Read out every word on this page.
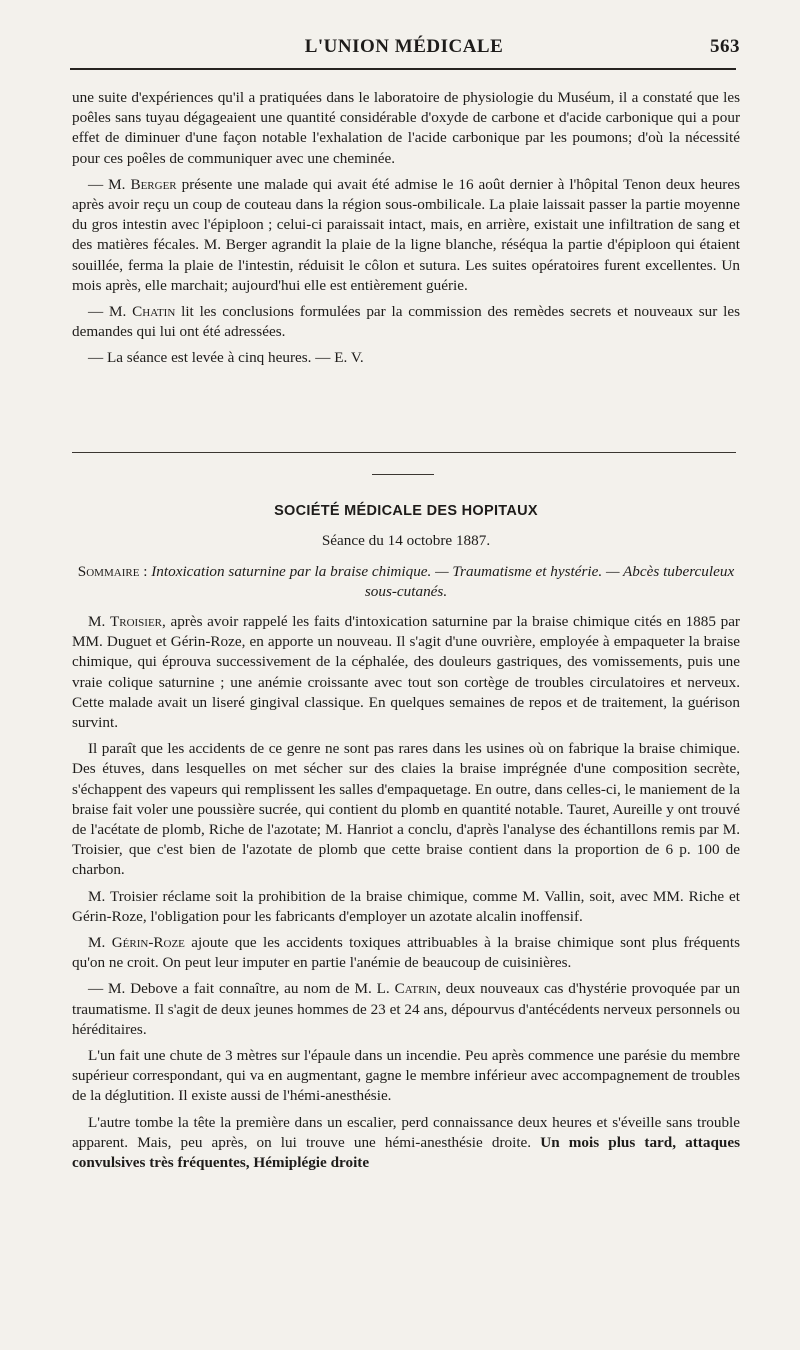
L'UNION MÉDICALE	563

une suite d'expériences qu'il a pratiquées dans le laboratoire de physiologie du Muséum, il a constaté que les poêles sans tuyau dégageaient une quantité considérable d'oxyde de carbone et d'acide carbonique qui a pour effet de diminuer d'une façon notable l'exhalation de l'acide carbonique par les poumons; d'où la nécessité pour ces poêles de communiquer avec une cheminée.

— M. Berger présente une malade qui avait été admise le 16 août dernier à l'hôpital Tenon deux heures après avoir reçu un coup de couteau dans la région sous-ombilicale. La plaie laissait passer la partie moyenne du gros intestin avec l'épiploon ; celui-ci paraissait intact, mais, en arrière, existait une infiltration de sang et des matières fécales. M. Berger agrandit la plaie de la ligne blanche, réséqua la partie d'épiploon qui étaient souillée, ferma la plaie de l'intestin, réduisit le côlon et sutura. Les suites opératoires furent excellentes. Un mois après, elle marchait; aujourd'hui elle est entièrement guérie.

— M. Chatin lit les conclusions formulées par la commission des remèdes secrets et nouveaux sur les demandes qui lui ont été adressées.

— La séance est levée à cinq heures. — E. V.

SOCIÉTÉ MÉDICALE DES HOPITAUX
Séance du 14 octobre 1887.
Sommaire : Intoxication saturnine par la braise chimique. — Traumatisme et hystérie. — Abcès tuberculeux sous-cutanés.

M. Troisier, après avoir rappelé les faits d'intoxication saturnine par la braise chimique cités en 1885 par MM. Duguet et Gérin-Roze, en apporte un nouveau. Il s'agit d'une ouvrière, employée à empaqueter la braise chimique, qui éprouva successivement de la céphalée, des douleurs gastriques, des vomissements, puis une vraie colique saturnine ; une anémie croissante avec tout son cortège de troubles circulatoires et nerveux. Cette malade avait un liseré gingival classique. En quelques semaines de repos et de traitement, la guérison survint.

Il paraît que les accidents de ce genre ne sont pas rares dans les usines où on fabrique la braise chimique. Des étuves, dans lesquelles on met sécher sur des claies la braise imprégnée d'une composition secrète, s'échappent des vapeurs qui remplissent les salles d'empaquetage. En outre, dans celles-ci, le maniement de la braise fait voler une poussière sucrée, qui contient du plomb en quantité notable. Tauret, Aureille y ont trouvé de l'acétate de plomb, Riche de l'azotate; M. Hanriot a conclu, d'après l'analyse des échantillons remis par M. Troisier, que c'est bien de l'azotate de plomb que cette braise contient dans la proportion de 6 p. 100 de charbon.

M. Troisier réclame soit la prohibition de la braise chimique, comme M. Vallin, soit, avec MM. Riche et Gérin-Roze, l'obligation pour les fabricants d'employer un azotate alcalin inoffensif.

M. Gérin-Roze ajoute que les accidents toxiques attribuables à la braise chimique sont plus fréquents qu'on ne croit. On peut leur imputer en partie l'anémie de beaucoup de cuisinières.

— M. Debove a fait connaître, au nom de M. L. Catrin, deux nouveaux cas d'hystérie provoquée par un traumatisme. Il s'agit de deux jeunes hommes de 23 et 24 ans, dépourvus d'antécédents nerveux personnels ou héréditaires.

L'un fait une chute de 3 mètres sur l'épaule dans un incendie. Peu après commence une parésie du membre supérieur correspondant, qui va en augmentant, gagne le membre inférieur avec accompagnement de troubles de la déglutition. Il existe aussi de l'hémi-anesthésie.

L'autre tombe la tête la première dans un escalier, perd connaissance deux heures et s'éveille sans trouble apparent. Mais, peu après, on lui trouve une hémi-anesthésie droite. Un mois plus tard, attaques convulsives très fréquentes, Hémiplégie droite
